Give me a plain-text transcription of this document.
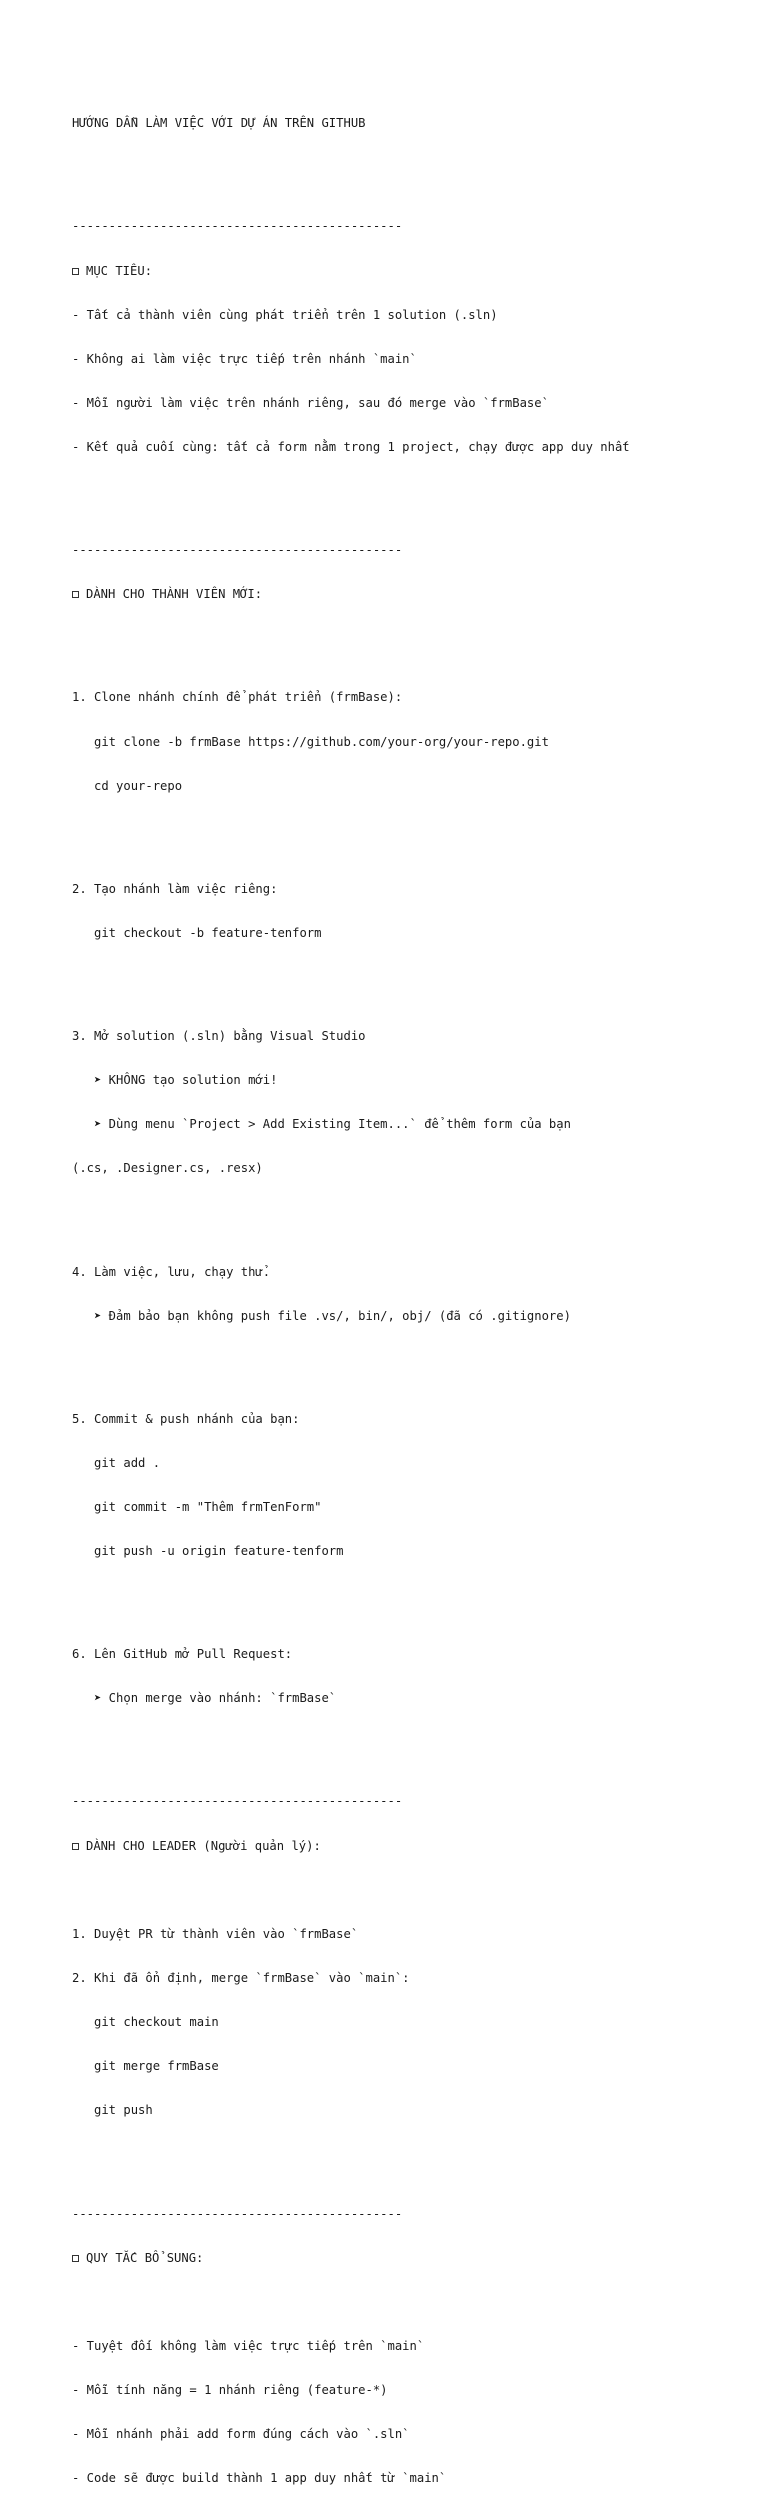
HƯỚNG DẪN LÀM VIỆC VỚI DỰ ÁN TRÊN GITHUB

---------------------------------------------

MỤC TIÊU:

- Tất cả thành viên cùng phát triển trên 1 solution (.sln)

- Không ai làm việc trực tiếp trên nhánh `main`

- Mỗi người làm việc trên nhánh riêng, sau đó merge vào `frmBase`

- Kết quả cuối cùng: tất cả form nằm trong 1 project, chạy được app duy nhất

---------------------------------------------

DÀNH CHO THÀNH VIÊN MỚI:

1. Clone nhánh chính để phát triển (frmBase):

git clone -b frmBase https://github.com/your-org/your-repo.git

cd your-repo

2. Tạo nhánh làm việc riêng:

git checkout -b feature-tenform

3. Mở solution (.sln) bằng Visual Studio

➤ KHÔNG tạo solution mới!

➤ Dùng menu `Project > Add Existing Item...` để thêm form của bạn

(.cs, .Designer.cs, .resx)

4. Làm việc, lưu, chạy thử.

➤ Đảm bảo bạn không push file .vs/, bin/, obj/ (đã có .gitignore)

5. Commit & push nhánh của bạn:

git add .

git commit -m "Thêm frmTenForm"

git push -u origin feature-tenform

6. Lên GitHub mở Pull Request:

➤ Chọn merge vào nhánh: `frmBase`

---------------------------------------------

DÀNH CHO LEADER (Người quản lý):

1. Duyệt PR từ thành viên vào `frmBase`

2. Khi đã ổn định, merge `frmBase` vào `main`:

git checkout main

git merge frmBase

git push

---------------------------------------------

QUY TẮC BỔ SUNG:

- Tuyệt đối không làm việc trực tiếp trên `main`

- Mỗi tính năng = 1 nhánh riêng (feature-*)

- Mỗi nhánh phải add form đúng cách vào `.sln`

- Code sẽ được build thành 1 app duy nhất từ `main`
